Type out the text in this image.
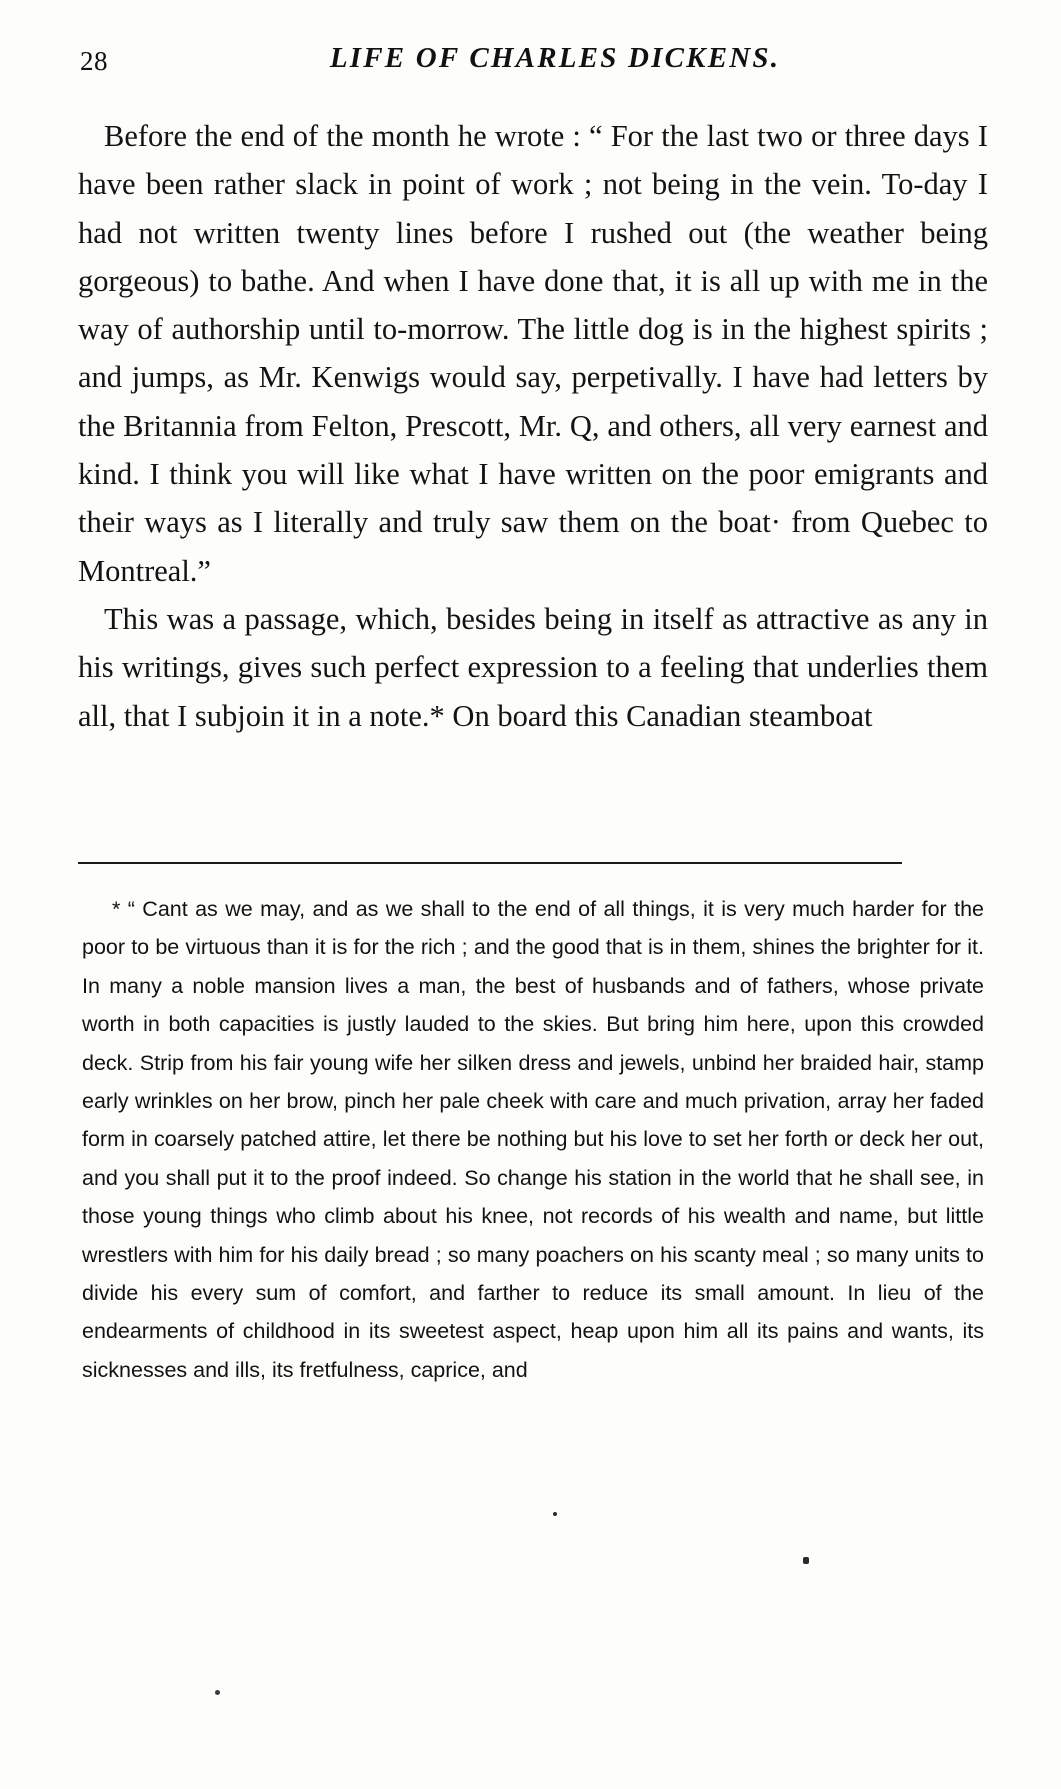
28	LIFE OF CHARLES DICKENS.

Before the end of the month he wrote : “ For the last two or three days I have been rather slack in point of work ; not being in the vein. To-day I had not written twenty lines before I rushed out (the weather being gorgeous) to bathe. And when I have done that, it is all up with me in the way of authorship until to-morrow. The little dog is in the highest spirits ; and jumps, as Mr. Kenwigs would say, perpetivally. I have had letters by the Britannia from Felton, Prescott, Mr. Q, and others, all very earnest and kind. I think you will like what I have written on the poor emigrants and their ways as I literally and truly saw them on the boat· from Quebec to Montreal.”

This was a passage, which, besides being in itself as attractive as any in his writings, gives such perfect expression to a feeling that underlies them all, that I subjoin it in a note.* On board this Canadian steamboat

* “ Cant as we may, and as we shall to the end of all things, it is very much harder for the poor to be virtuous than it is for the rich ; and the good that is in them, shines the brighter for it. In many a noble mansion lives a man, the best of husbands and of fathers, whose private worth in both capacities is justly lauded to the skies. But bring him here, upon this crowded deck. Strip from his fair young wife her silken dress and jewels, unbind her braided hair, stamp early wrinkles on her brow, pinch her pale cheek with care and much privation, array her faded form in coarsely patched attire, let there be nothing but his love to set her forth or deck her out, and you shall put it to the proof indeed. So change his station in the world that he shall see, in those young things who climb about his knee, not records of his wealth and name, but little wrestlers with him for his daily bread ; so many poachers on his scanty meal ; so many units to divide his every sum of comfort, and farther to reduce its small amount. In lieu of the endearments of childhood in its sweetest aspect, heap upon him all its pains and wants, its sicknesses and ills, its fretfulness, caprice, and
